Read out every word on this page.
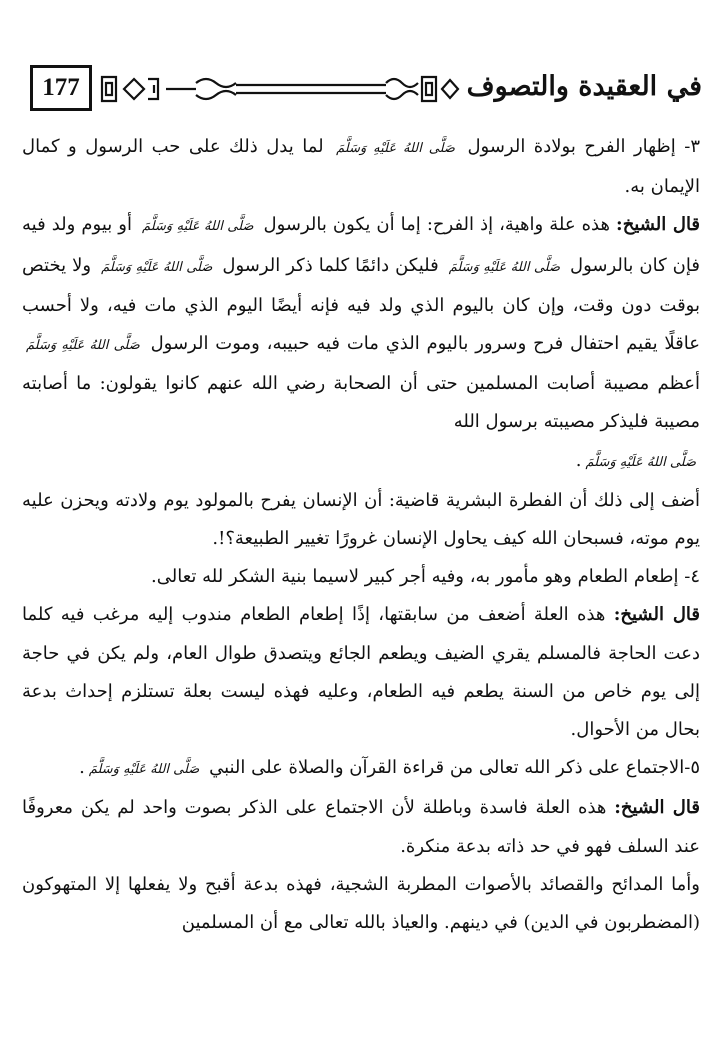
177	في العقيدة والتصوف

٣- إظهار الفرح بولادة الرسول صَلَّى اللهُ عَلَيْهِ وَسَلَّمَ لما يدل ذلك على حب الرسول و كمال الإيمان به.

قال الشيخ: هذه علة واهية، إذ الفرح: إما أن يكون بالرسول صَلَّى اللهُ عَلَيْهِ وَسَلَّمَ أو بيوم ولد فيه فإن كان بالرسول صَلَّى اللهُ عَلَيْهِ وَسَلَّمَ فليكن دائمًا كلما ذكر الرسول صَلَّى اللهُ عَلَيْهِ وَسَلَّمَ ولا يختص بوقت دون وقت، وإن كان باليوم الذي ولد فيه فإنه أيضًا اليوم الذي مات فيه، ولا أحسب عاقلًا يقيم احتفال فرح وسرور باليوم الذي مات فيه حبيبه، وموت الرسول صَلَّى اللهُ عَلَيْهِ وَسَلَّمَ أعظم مصيبة أصابت المسلمين حتى أن الصحابة رضي الله عنهم كانوا يقولون: ما أصابته مصيبة فليذكر مصيبته برسول الله
صَلَّى اللهُ عَلَيْهِ وَسَلَّمَ.

أضف إلى ذلك أن الفطرة البشرية قاضية: أن الإنسان يفرح بالمولود يوم ولادته ويحزن عليه يوم موته، فسبحان الله كيف يحاول الإنسان غرورًا تغيير الطبيعة؟!.

٤- إطعام الطعام وهو مأمور به، وفيه أجر كبير لاسيما بنية الشكر لله تعالى.

قال الشيخ: هذه العلة أضعف من سابقتها، إذًا إطعام الطعام مندوب إليه مرغب فيه كلما دعت الحاجة فالمسلم يقري الضيف ويطعم الجائع ويتصدق طوال العام، ولم يكن في حاجة إلى يوم خاص من السنة يطعم فيه الطعام، وعليه فهذه ليست بعلة تستلزم إحداث بدعة بحال من الأحوال.

٥-الاجتماع على ذكر الله تعالى من قراءة القرآن والصلاة على النبي صَلَّى اللهُ عَلَيْهِ وَسَلَّمَ.

قال الشيخ: هذه العلة فاسدة وباطلة لأن الاجتماع على الذكر بصوت واحد لم يكن معروفًا عند السلف فهو في حد ذاته بدعة منكرة.

وأما المدائح والقصائد بالأصوات المطربة الشجية، فهذه بدعة أقبح ولا يفعلها إلا المتهوكون (المضطربون في الدين) في دينهم. والعياذ بالله تعالى مع أن المسلمين
